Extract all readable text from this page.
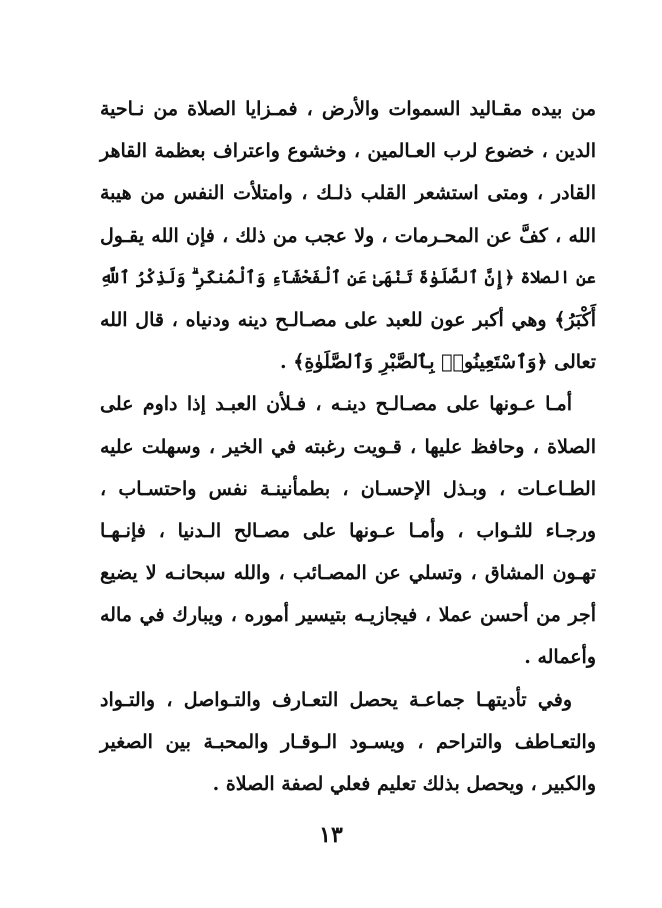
من بيده مقـاليد السموات والأرض ، فمـزايا الصلاة من نـاحية
الدين ، خضوع لرب العـالمين ، وخشوع واعتراف بعظمة القاهر
القادر ، ومتى استشعر القلب ذلـك ، وامتلأت النفس من هيبة
الله ، كفَّ عن المحـرمات ، ولا عجب من ذلك ، فإن الله يقـول
عن الصلاة ﴿إِنَّ ٱلصَّلَوٰةَ تَنْهَىٰ عَنِ ٱلْفَحْشَآءِ وَٱلْمُنكَرِ ۗ وَلَذِكْرُ ٱللَّهِ
أَكْبَرُ﴾ وهي أكبر عون للعبد على مصـالـح دينه ودنياه ، قال الله
تعالى ﴿وَٱسْتَعِينُوا۟ بِٱلصَّبْرِ وَٱلصَّلَوٰةِ﴾ .

أمـا عـونها على مصـالـح دينـه ، فـلأن العبـد إذا داوم على
الصلاة ، وحافظ عليها ، قـويت رغبته في الخير ، وسهلت عليه
الطـاعـات ، وبـذل الإحسـان ، بطمأنينـة نفس واحتسـاب ،
ورجـاء للثـواب ، وأمـا عـونها على مصـالح الـدنيا ، فإنـهـا
تهـون المشاق ، وتسلي عن المصـائب ، والله سبحانـه لا يضيع
أجر من أحسن عملا ، فيجازيـه بتيسير أموره ، ويبارك في ماله
وأعماله .

وفي تأديتهـا جماعـة يحصل التعـارف والتـواصل ، والتـواد
والتعـاطف والتراحم ، ويسـود الـوقـار والمحبـة بين الصغير
والكبير ، ويحصل بذلك تعليم فعلي لصفة الصلاة .

١٣
